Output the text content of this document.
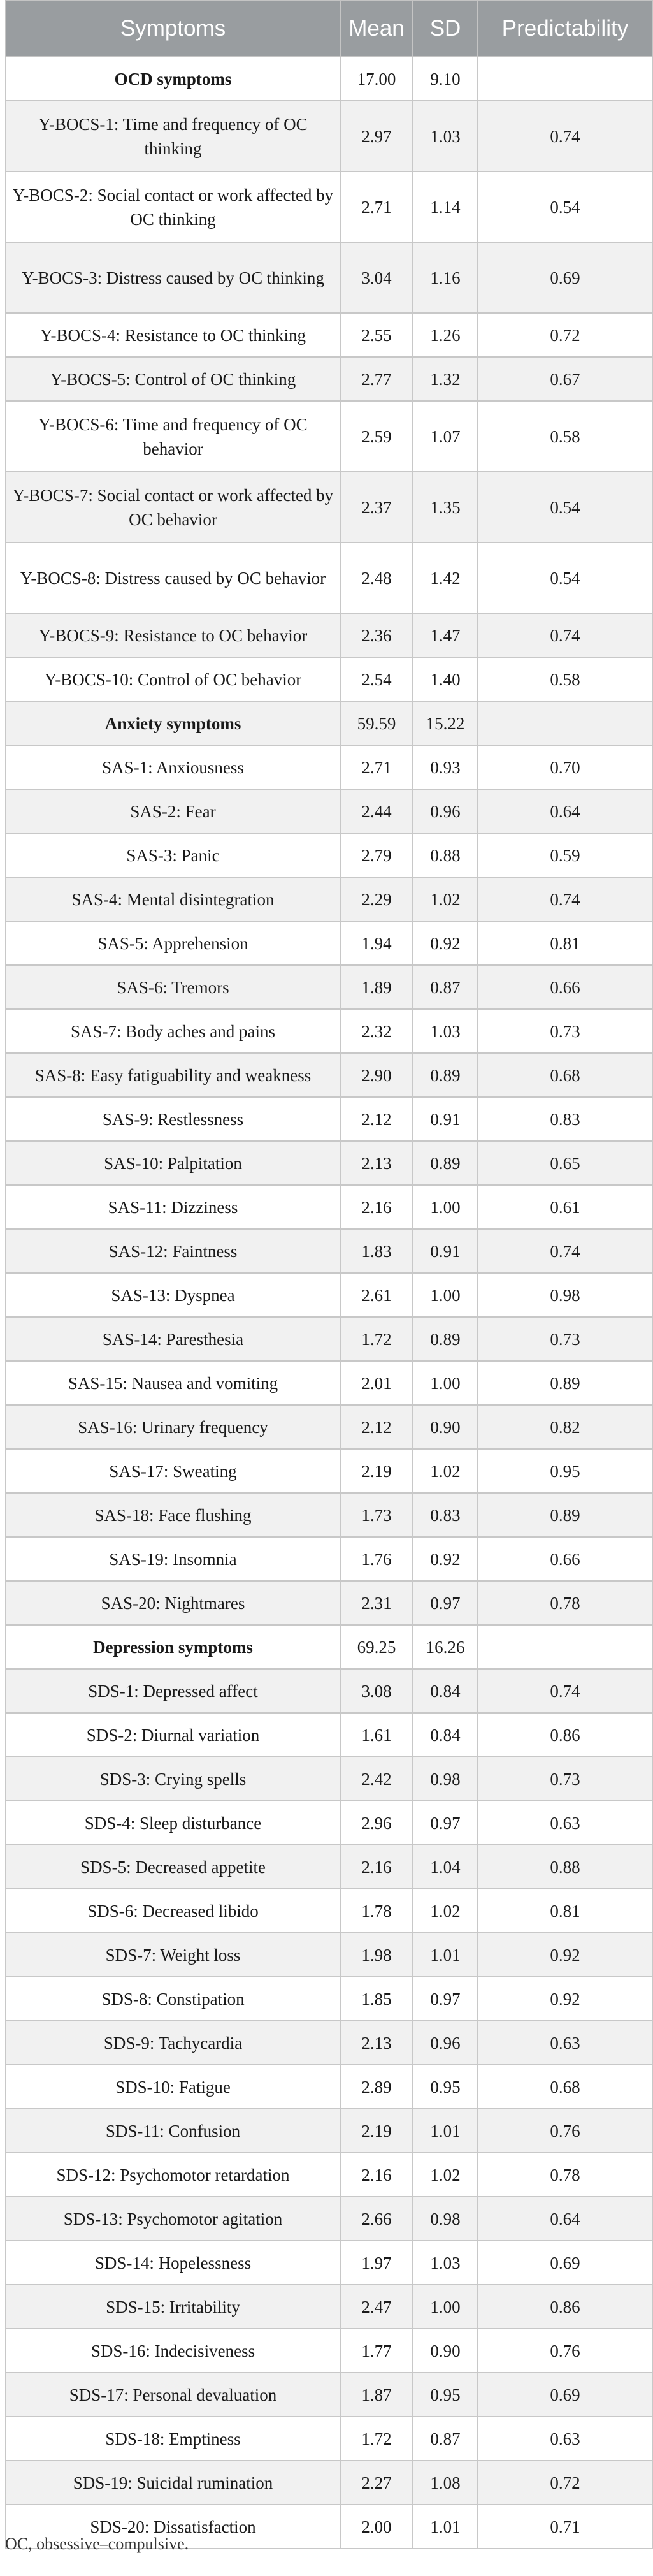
Symptoms	Mean	SD	Predictability
OCD symptoms	17.00	9.10	
Y-BOCS-1: Time and frequency of OC thinking	2.97	1.03	0.74
Y-BOCS-2: Social contact or work affected by OC thinking	2.71	1.14	0.54
Y-BOCS-3: Distress caused by OC thinking	3.04	1.16	0.69
Y-BOCS-4: Resistance to OC thinking	2.55	1.26	0.72
Y-BOCS-5: Control of OC thinking	2.77	1.32	0.67
Y-BOCS-6: Time and frequency of OC behavior	2.59	1.07	0.58
Y-BOCS-7: Social contact or work affected by OC behavior	2.37	1.35	0.54
Y-BOCS-8: Distress caused by OC behavior	2.48	1.42	0.54
Y-BOCS-9: Resistance to OC behavior	2.36	1.47	0.74
Y-BOCS-10: Control of OC behavior	2.54	1.40	0.58
Anxiety symptoms	59.59	15.22	
SAS-1: Anxiousness	2.71	0.93	0.70
SAS-2: Fear	2.44	0.96	0.64
SAS-3: Panic	2.79	0.88	0.59
SAS-4: Mental disintegration	2.29	1.02	0.74
SAS-5: Apprehension	1.94	0.92	0.81
SAS-6: Tremors	1.89	0.87	0.66
SAS-7: Body aches and pains	2.32	1.03	0.73
SAS-8: Easy fatiguability and weakness	2.90	0.89	0.68
SAS-9: Restlessness	2.12	0.91	0.83
SAS-10: Palpitation	2.13	0.89	0.65
SAS-11: Dizziness	2.16	1.00	0.61
SAS-12: Faintness	1.83	0.91	0.74
SAS-13: Dyspnea	2.61	1.00	0.98
SAS-14: Paresthesia	1.72	0.89	0.73
SAS-15: Nausea and vomiting	2.01	1.00	0.89
SAS-16: Urinary frequency	2.12	0.90	0.82
SAS-17: Sweating	2.19	1.02	0.95
SAS-18: Face flushing	1.73	0.83	0.89
SAS-19: Insomnia	1.76	0.92	0.66
SAS-20: Nightmares	2.31	0.97	0.78
Depression symptoms	69.25	16.26	
SDS-1: Depressed affect	3.08	0.84	0.74
SDS-2: Diurnal variation	1.61	0.84	0.86
SDS-3: Crying spells	2.42	0.98	0.73
SDS-4: Sleep disturbance	2.96	0.97	0.63
SDS-5: Decreased appetite	2.16	1.04	0.88
SDS-6: Decreased libido	1.78	1.02	0.81
SDS-7: Weight loss	1.98	1.01	0.92
SDS-8: Constipation	1.85	0.97	0.92
SDS-9: Tachycardia	2.13	0.96	0.63
SDS-10: Fatigue	2.89	0.95	0.68
SDS-11: Confusion	2.19	1.01	0.76
SDS-12: Psychomotor retardation	2.16	1.02	0.78
SDS-13: Psychomotor agitation	2.66	0.98	0.64
SDS-14: Hopelessness	1.97	1.03	0.69
SDS-15: Irritability	2.47	1.00	0.86
SDS-16: Indecisiveness	1.77	0.90	0.76
SDS-17: Personal devaluation	1.87	0.95	0.69
SDS-18: Emptiness	1.72	0.87	0.63
SDS-19: Suicidal rumination	2.27	1.08	0.72
SDS-20: Dissatisfaction	2.00	1.01	0.71
OC, obsessive–compulsive.
